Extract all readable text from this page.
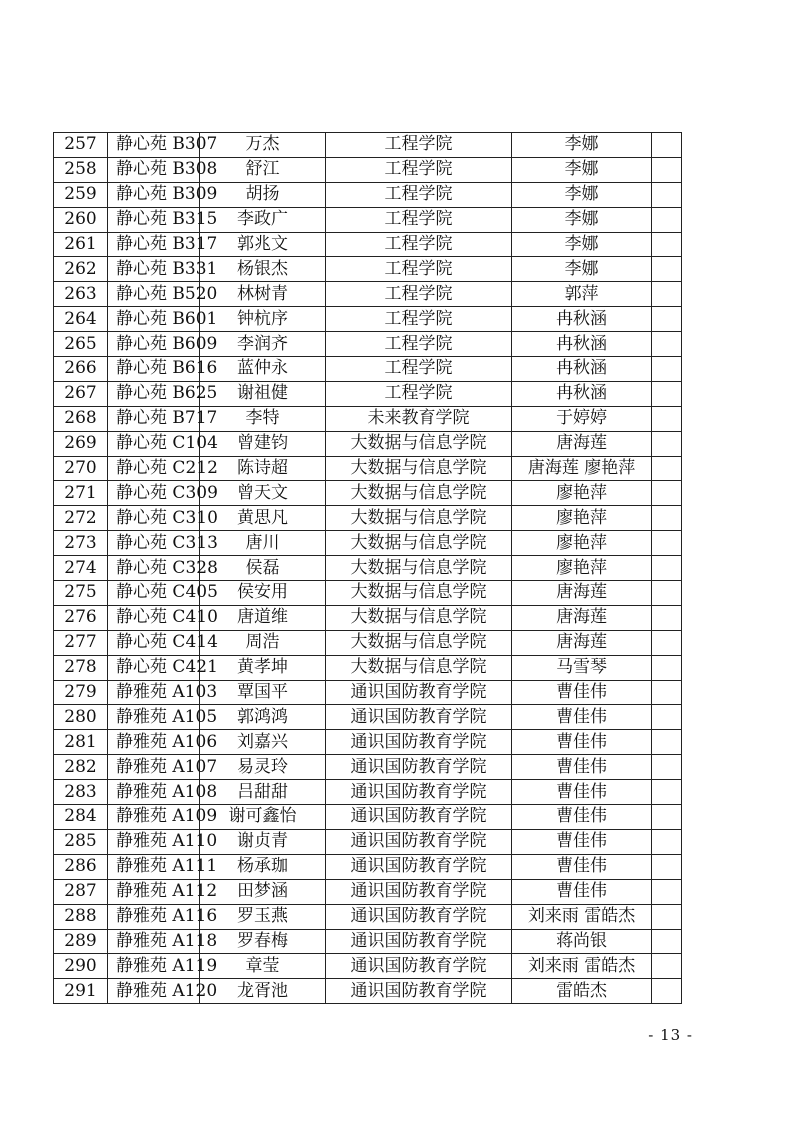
257	静心苑 B307	万杰	工程学院	李娜	
258	静心苑 B308	舒江	工程学院	李娜	
259	静心苑 B309	胡扬	工程学院	李娜	
260	静心苑 B315	李政广	工程学院	李娜	
261	静心苑 B317	郭兆文	工程学院	李娜	
262	静心苑 B331	杨银杰	工程学院	李娜	
263	静心苑 B520	林树青	工程学院	郭萍	
264	静心苑 B601	钟杭序	工程学院	冉秋涵	
265	静心苑 B609	李润齐	工程学院	冉秋涵	
266	静心苑 B616	蓝仲永	工程学院	冉秋涵	
267	静心苑 B625	谢祖健	工程学院	冉秋涵	
268	静心苑 B717	李特	未来教育学院	于婷婷	
269	静心苑 C104	曾建钧	大数据与信息学院	唐海莲	
270	静心苑 C212	陈诗超	大数据与信息学院	唐海莲 廖艳萍	
271	静心苑 C309	曾天文	大数据与信息学院	廖艳萍	
272	静心苑 C310	黄思凡	大数据与信息学院	廖艳萍	
273	静心苑 C313	唐川	大数据与信息学院	廖艳萍	
274	静心苑 C328	侯磊	大数据与信息学院	廖艳萍	
275	静心苑 C405	侯安用	大数据与信息学院	唐海莲	
276	静心苑 C410	唐道维	大数据与信息学院	唐海莲	
277	静心苑 C414	周浩	大数据与信息学院	唐海莲	
278	静心苑 C421	黄孝坤	大数据与信息学院	马雪琴	
279	静雅苑 A103	覃国平	通识国防教育学院	曹佳伟	
280	静雅苑 A105	郭鸿鸿	通识国防教育学院	曹佳伟	
281	静雅苑 A106	刘嘉兴	通识国防教育学院	曹佳伟	
282	静雅苑 A107	易灵玲	通识国防教育学院	曹佳伟	
283	静雅苑 A108	吕甜甜	通识国防教育学院	曹佳伟	
284	静雅苑 A109	谢可鑫怡	通识国防教育学院	曹佳伟	
285	静雅苑 A110	谢贞青	通识国防教育学院	曹佳伟	
286	静雅苑 A111	杨承珈	通识国防教育学院	曹佳伟	
287	静雅苑 A112	田梦涵	通识国防教育学院	曹佳伟	
288	静雅苑 A116	罗玉燕	通识国防教育学院	刘来雨 雷皓杰	
289	静雅苑 A118	罗春梅	通识国防教育学院	蒋尚银	
290	静雅苑 A119	章莹	通识国防教育学院	刘来雨 雷皓杰	
291	静雅苑 A120	龙胥池	通识国防教育学院	雷皓杰	
- 13 -
